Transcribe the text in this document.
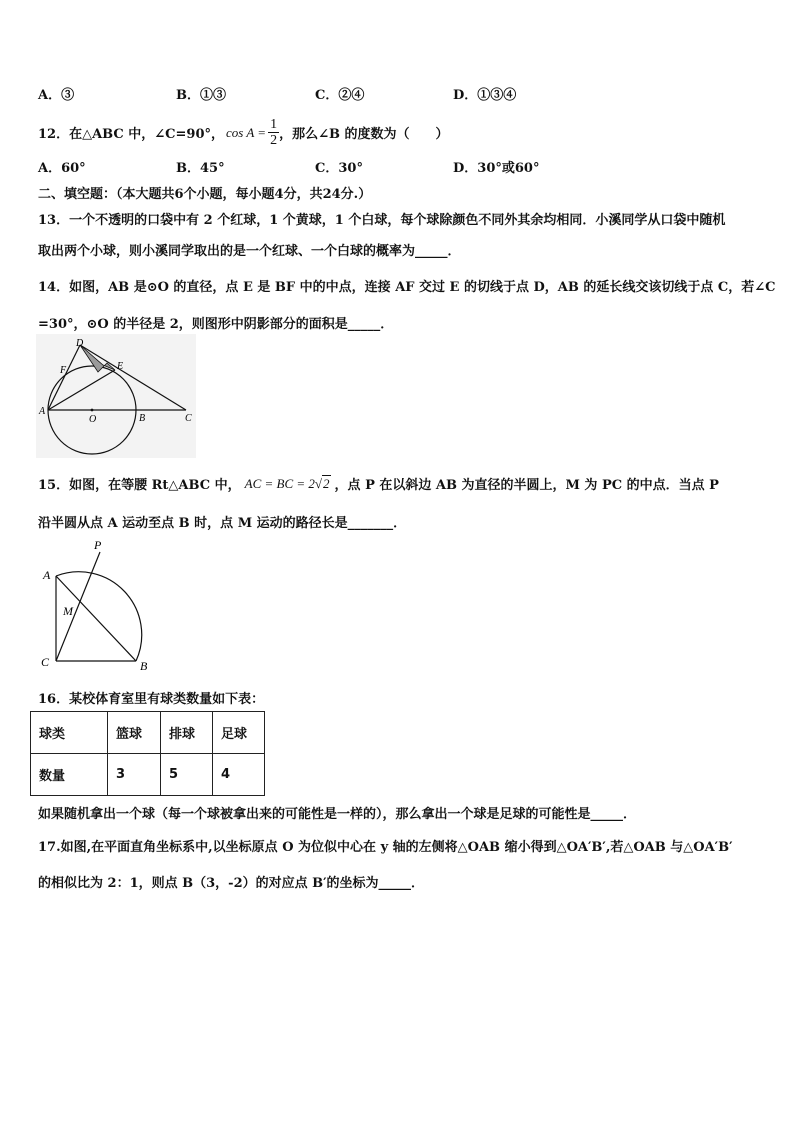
A．③	B．①③	C．②④	D．①③④
12．在△ABC 中，∠C=90°， $\cos A = \frac{1}{2}$ ，那么∠B 的度数为（　　）
A．60°	B．45°	C．30°	D．30°或60°
二、填空题：（本大题共6个小题，每小题4分，共24分.）
13．一个不透明的口袋中有 2 个红球，1 个黄球，1 个白球，每个球除颜色不同外其余均相同．小溪同学从口袋中随机
取出两个小球，则小溪同学取出的是一个红球、一个白球的概率为_____．
14．如图，AB 是⊙O 的直径，点 E 是 BF 中的中点，连接 AF 交过 E 的切线于点 D，AB 的延长线交该切线于点 C，若∠C
=30°，⊙O 的半径是 2，则图形中阴影部分的面积是_____．
D
E
F
A
O	B	C
15．如图，在等腰 Rt△ABC 中， AC = BC = 2√2 ，点 P 在以斜边 AB 为直径的半圆上，M 为 PC 的中点．当点 P
沿半圆从点 A 运动至点 B 时，点 M 运动的路径长是_______．
P
A
M
C	B
16．某校体育室里有球类数量如下表：
球类	篮球	排球	足球
数量	3	5	4
如果随机拿出一个球（每一个球被拿出来的可能性是一样的），那么拿出一个球是足球的可能性是_____．
17.如图,在平面直角坐标系中,以坐标原点 O 为位似中心在 y 轴的左侧将△OAB 缩小得到△OA′B′,若△OAB 与△OA′B′
的相似比为 2：1，则点 B（3，-2）的对应点 B′的坐标为_____．
